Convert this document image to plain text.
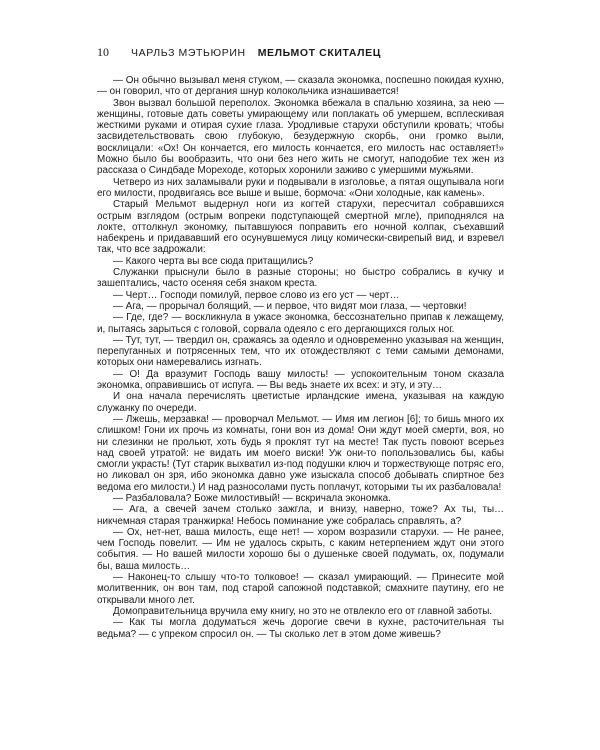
10 ЧАРЛЬЗ МЭТЬЮРИН МЕЛЬМОТ СКИТАЛЕЦ

— Он обычно вызывал меня стуком, — сказала экономка, поспешно покидая кухню, — он говорил, что от дергания шнур колокольчика изнашивается!

Звон вызвал большой переполох. Экономка вбежала в спальню хозяина, за нею — женщины, готовые дать советы умирающему или поплакать об умершем, всплескивая жесткими руками и отирая сухие глаза. Уродливые старухи обступили кровать; чтобы засвидетельствовать свою глубокую, безудержную скорбь, они громко выли, восклицали: «Ох! Он кончается, его милость кончается, его милость нас оставляет!» Можно было бы вообразить, что они без него жить не смогут, наподобие тех жен из рассказа о Синдбаде Мореходе, которых хоронили заживо с умершими мужьями.

Четверо из них заламывали руки и подвывали в изголовье, а пятая ощупывала ноги его милости, продвигаясь все выше и выше, бормоча: «Они холодные, как камень».

Старый Мельмот выдернул ноги из когтей старухи, пересчитал собравшихся острым взглядом (острым вопреки подступающей смертной мгле), приподнялся на локте, оттолкнул экономку, пытавшуюся поправить его ночной колпак, съехавший набекрень и придававший его осунувшемуся лицу комически-свирепый вид, и взревел так, что все задрожали:

— Какого черта вы все сюда притащились?

Служанки прыснули было в разные стороны; но быстро собрались в кучку и зашептались, часто осеняя себя знаком креста.

— Черт… Господи помилуй, первое слово из его уст — черт…

— Ага, — прорычал болящий, — и первое, что видят мои глаза, — чертовки!

— Где, где? — воскликнула в ужасе экономка, бессознательно припав к лежащему, и, пытаясь зарыться с головой, сорвала одеяло с его дергающихся голых ног.

— Тут, тут, — твердил он, сражаясь за одеяло и одновременно указывая на женщин, перепуганных и потрясенных тем, что их отождествляют с теми самыми демонами, которых они намеревались изгнать.

— О! Да вразумит Господь вашу милость! — успокоительным тоном сказала экономка, оправившись от испуга. — Вы ведь знаете их всех: и эту, и эту…

И она начала перечислять цветистые ирландские имена, указывая на каждую служанку по очереди.

— Лжешь, мерзавка! — проворчал Мельмот. — Имя им легион [6]; то бишь много их слишком! Гони их прочь из комнаты, гони вон из дома! Они ждут моей смерти, воя, но ни слезинки не прольют, хоть будь я проклят тут на месте! Так пусть повоют всерьез над своей утратой: не видать им моего виски! Уж они-то попользовались бы, кабы смогли украсть! (Тут старик выхватил из-под подушки ключ и торжествующе потряс его, но ликовал он зря, ибо экономка давно уже изыскала способ добывать спиртное без ведома его милости.) И над разносолами пусть поплачут, которыми ты их разбаловала!

— Разбаловала? Боже милостивый! — вскричала экономка.

— Ага, а свечей зачем столько зажгла, и внизу, наверно, тоже? Ах ты, ты… никчемная старая транжирка! Небось поминание уже собралась справлять, а?

— Ох, нет-нет, ваша милость, еще нет! — хором возразили старухи. — Не ранее, чем Господь повелит. — Им не удалось скрыть, с каким нетерпением ждут они этого события. — Но вашей милости хорошо бы о душеньке своей подумать, ох, подумали бы, ваша милость…

— Наконец-то слышу что-то толковое! — сказал умирающий. — Принесите мой молитвенник, он вон там, под старой сапожной подставкой; смахните паутину, его не открывали много лет.

Домоправительница вручила ему книгу, но это не отвлекло его от главной заботы.

— Как ты могла додуматься жечь дорогие свечи в кухне, расточительная ты ведьма? — с упреком спросил он. — Ты сколько лет в этом доме живешь?
